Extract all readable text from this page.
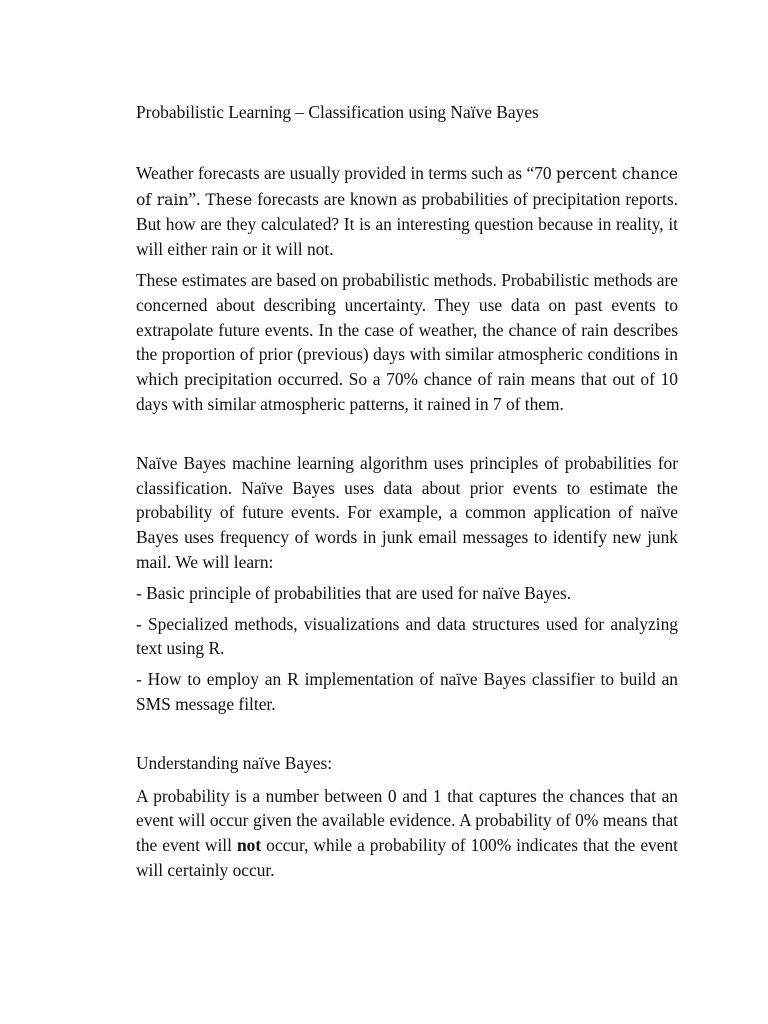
Probabilistic Learning – Classification using Naïve Bayes

Weather forecasts are usually provided in terms such as “70 percent chance of rain”. These forecasts are known as probabilities of precipitation reports. But how are they calculated? It is an interesting question because in reality, it will either rain or it will not.

These estimates are based on probabilistic methods. Probabilistic methods are concerned about describing uncertainty. They use data on past events to extrapolate future events. In the case of weather, the chance of rain describes the proportion of prior (previous) days with similar atmospheric conditions in which precipitation occurred. So a 70% chance of rain means that out of 10 days with similar atmospheric patterns, it rained in 7 of them.

Naïve Bayes machine learning algorithm uses principles of probabilities for classification. Naïve Bayes uses data about prior events to estimate the probability of future events. For example, a common application of naïve Bayes uses frequency of words in junk email messages to identify new junk mail. We will learn:

- Basic principle of probabilities that are used for naïve Bayes.

- Specialized methods, visualizations and data structures used for analyzing text using R.

- How to employ an R implementation of naïve Bayes classifier to build an SMS message filter.

Understanding naïve Bayes:

A probability is a number between 0 and 1 that captures the chances that an event will occur given the available evidence. A probability of 0% means that the event will not occur, while a probability of 100% indicates that the event will certainly occur.
